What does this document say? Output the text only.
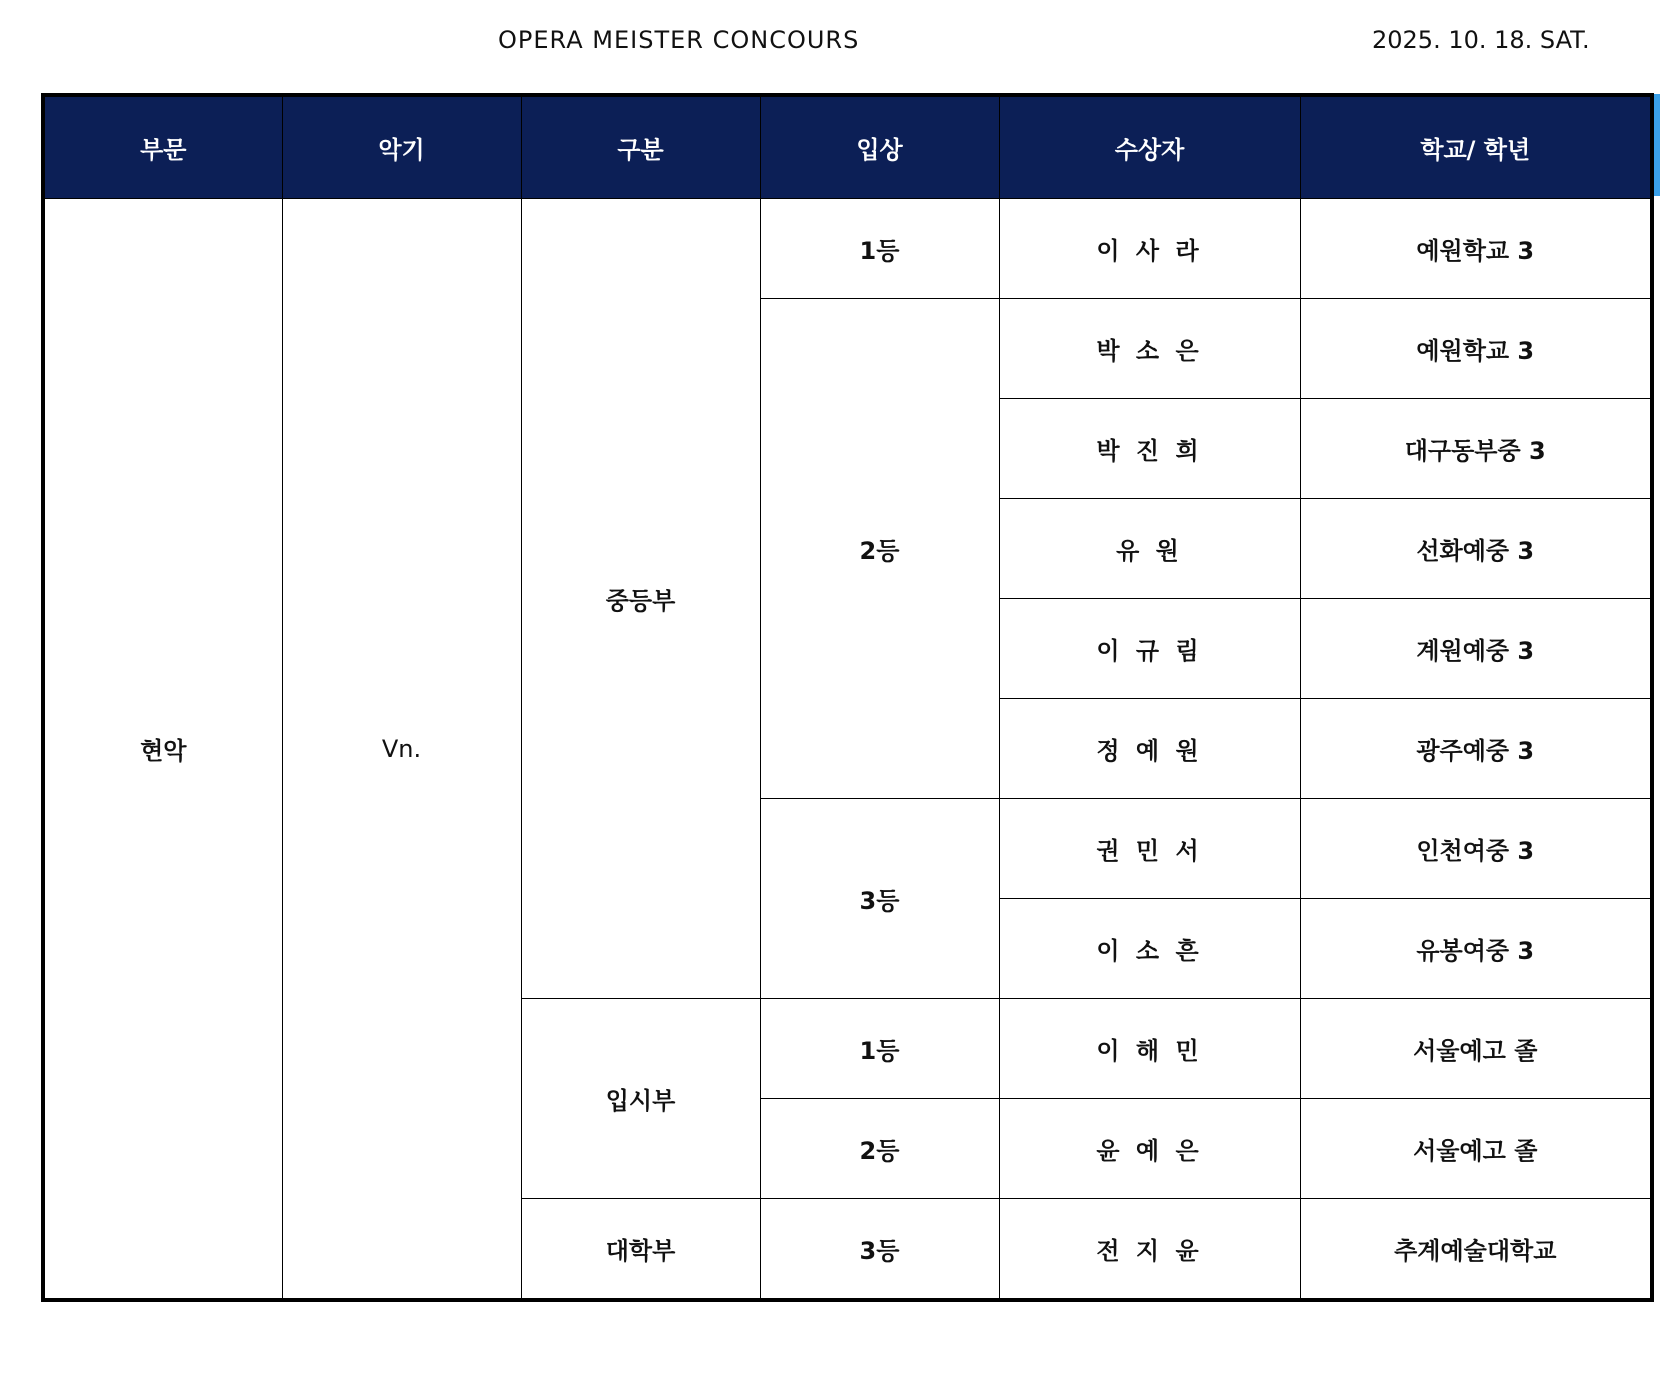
OPERA MEISTER CONCOURS	2025. 10. 18. SAT.
부문	악기	구분	입상	수상자	학교/ 학년
현악	Vn.	중등부	1등	이 사 라	예원학교 3
			2등	박 소 은	예원학교 3
				박 진 희	대구동부중 3
				유 원	선화예중 3
				이 규 림	계원예중 3
				정 예 원	광주예중 3
			3등	권 민 서	인천여중 3
				이 소 흔	유봉여중 3
		입시부	1등	이 해 민	서울예고 졸
			2등	윤 예 은	서울예고 졸
		대학부	3등	전 지 윤	추계예술대학교
